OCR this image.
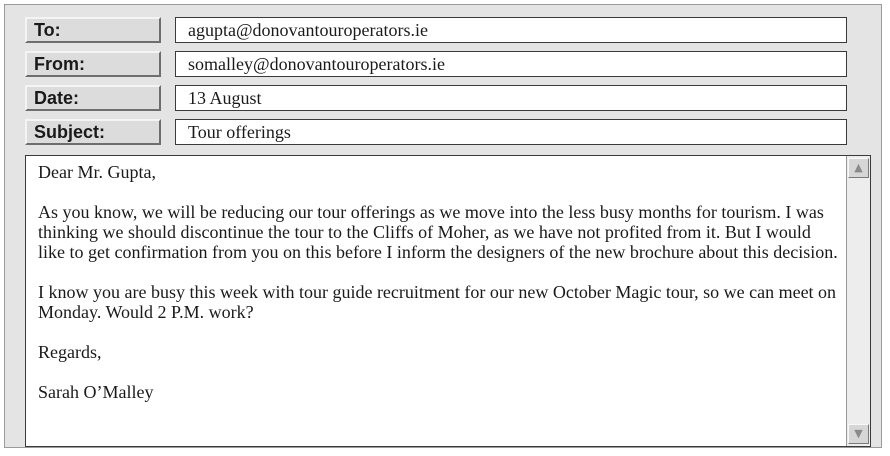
To:	agupta@donovantouroperators.ie
From:	somalley@donovantouroperators.ie
Date:	13 August
Subject:	Tour offerings

Dear Mr. Gupta,

As you know, we will be reducing our tour offerings as we move into the less busy months for tourism. I was thinking we should discontinue the tour to the Cliffs of Moher, as we have not profited from it. But I would like to get confirmation from you on this before I inform the designers of the new brochure about this decision.

I know you are busy this week with tour guide recruitment for our new October Magic tour, so we can meet on Monday. Would 2 P.M. work?

Regards,

Sarah O’Malley

▲
▼
